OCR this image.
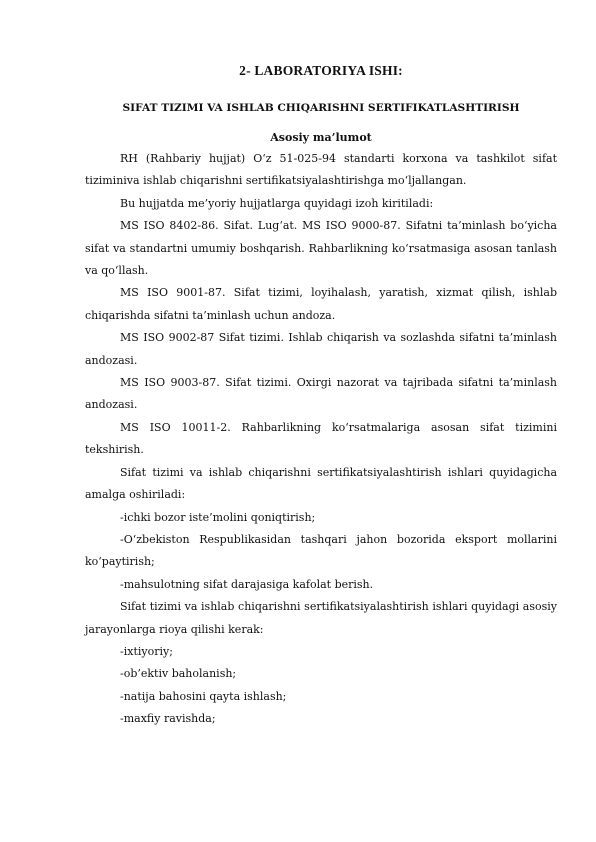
2- LABORATORIYA ISHI:
SIFAT TIZIMI VA ISHLAB CHIQARISHNI SERTIFIKATLASHTIRISH
Asosiy ma’lumot

RH (Rahbariy hujjat) O‘z 51-025-94 standarti korxona va tashkilot sifat tiziminiva ishlab chiqarishni sertifikatsiyalashtirishga mo‘ljallangan.

Bu hujjatda me’yoriy hujjatlarga quyidagi izoh kiritiladi:

MS ISO 8402-86. Sifat. Lug‘at. MS ISO 9000-87. Sifatni ta’minlash bo‘yicha sifat va standartni umumiy boshqarish. Rahbarlikning ko‘rsatmasiga asosan tanlash va qo‘llash.

MS ISO 9001-87. Sifat tizimi, loyihalash, yaratish, xizmat qilish, ishlab chiqarishda sifatni ta’minlash uchun andoza.

MS ISO 9002-87 Sifat tizimi. Ishlab chiqarish va sozlashda sifatni ta’minlash andozasi.

MS ISO 9003-87. Sifat tizimi. Oxirgi nazorat va tajribada sifatni ta’minlash andozasi.

MS ISO 10011-2. Rahbarlikning ko‘rsatmalariga asosan sifat tizimini tekshirish.

Sifat tizimi va ishlab chiqarishni sertifikatsiyalashtirish ishlari quyidagicha amalga oshiriladi:

-ichki bozor iste’molini qoniqtirish;

-O‘zbekiston Respublikasidan tashqari jahon bozorida eksport mollarini ko‘paytirish;

-mahsulotning sifat darajasiga kafolat berish.

Sifat tizimi va ishlab chiqarishni sertifikatsiyalashtirish ishlari quyidagi asosiy jarayonlarga rioya qilishi kerak:

-ixtiyoriy;

-ob’ektiv baholanish;

-natija bahosini qayta ishlash;

-maxfiy ravishda;
